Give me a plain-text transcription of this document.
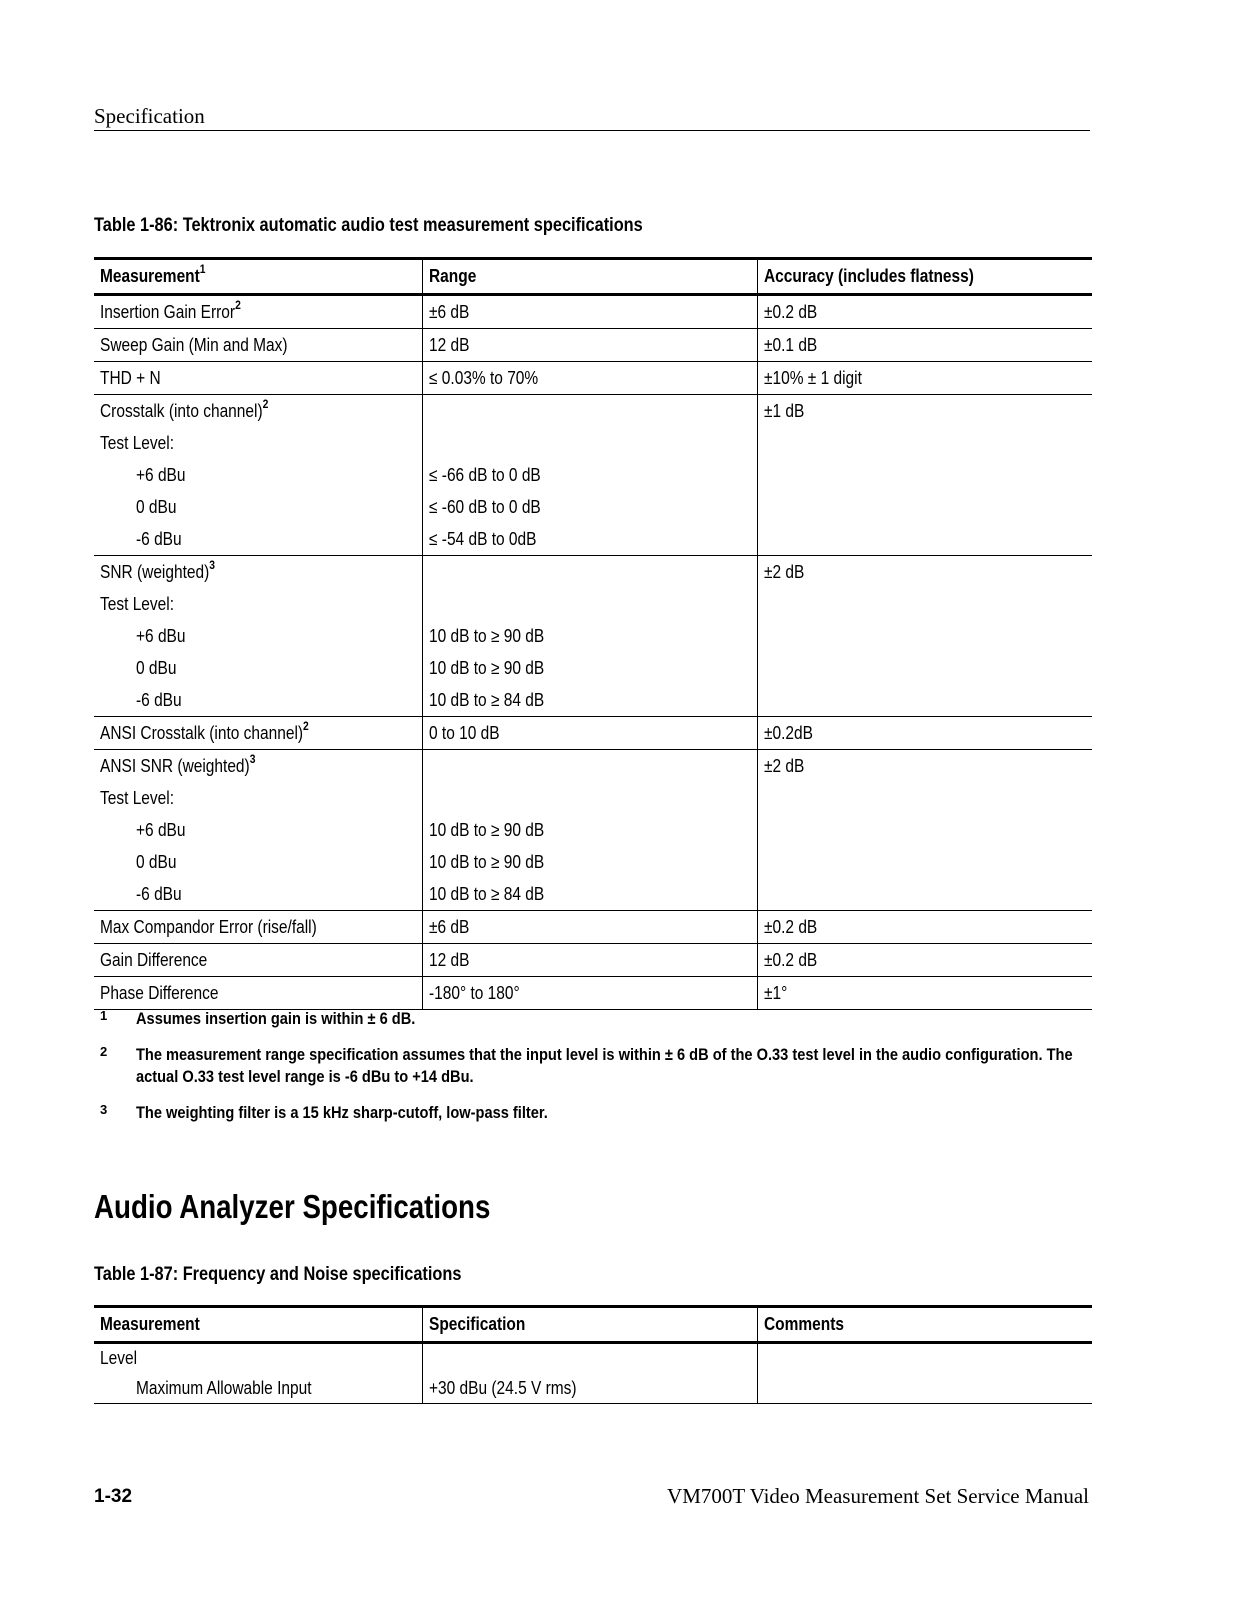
Specification
Table 1-86: Tektronix automatic audio test measurement specifications
Measurement$^1$	Range	Accuracy (includes flatness)
Insertion Gain Error$^2$	±6 dB	±0.2 dB
Sweep Gain (Min and Max)	12 dB	±0.1 dB
THD + N	≤ 0.03% to 70%	±10% ± 1 digit
Crosstalk (into channel)$^2$		±1 dB
Test Level:		
+6 dBu	≤ -66 dB to 0 dB	
0 dBu	≤ -60 dB to 0 dB	
-6 dBu	≤ -54 dB to 0dB	
SNR (weighted)$^3$		±2 dB
Test Level:		
+6 dBu	10 dB to ≥ 90 dB	
0 dBu	10 dB to ≥ 90 dB	
-6 dBu	10 dB to ≥ 84 dB	
ANSI Crosstalk (into channel)$^2$	0 to 10 dB	±0.2dB
ANSI SNR (weighted)$^3$		±2 dB
Test Level:		
+6 dBu	10 dB to ≥ 90 dB	
0 dBu	10 dB to ≥ 90 dB	
-6 dBu	10 dB to ≥ 84 dB	
Max Compandor Error (rise/fall)	±6 dB	±0.2 dB
Gain Difference	12 dB	±0.2 dB
Phase Difference	-180° to 180°	±1°
1 Assumes insertion gain is within ± 6 dB.
2 The measurement range specification assumes that the input level is within ± 6 dB of the O.33 test level in the audio configuration. The actual O.33 test level range is -6 dBu to +14 dBu.
3 The weighting filter is a 15 kHz sharp-cutoff, low-pass filter.
Audio Analyzer Specifications
Table 1-87: Frequency and Noise specifications
Measurement	Specification	Comments
Level		
Maximum Allowable Input	+30 dBu (24.5 V rms)	
1-32	VM700T Video Measurement Set Service Manual
